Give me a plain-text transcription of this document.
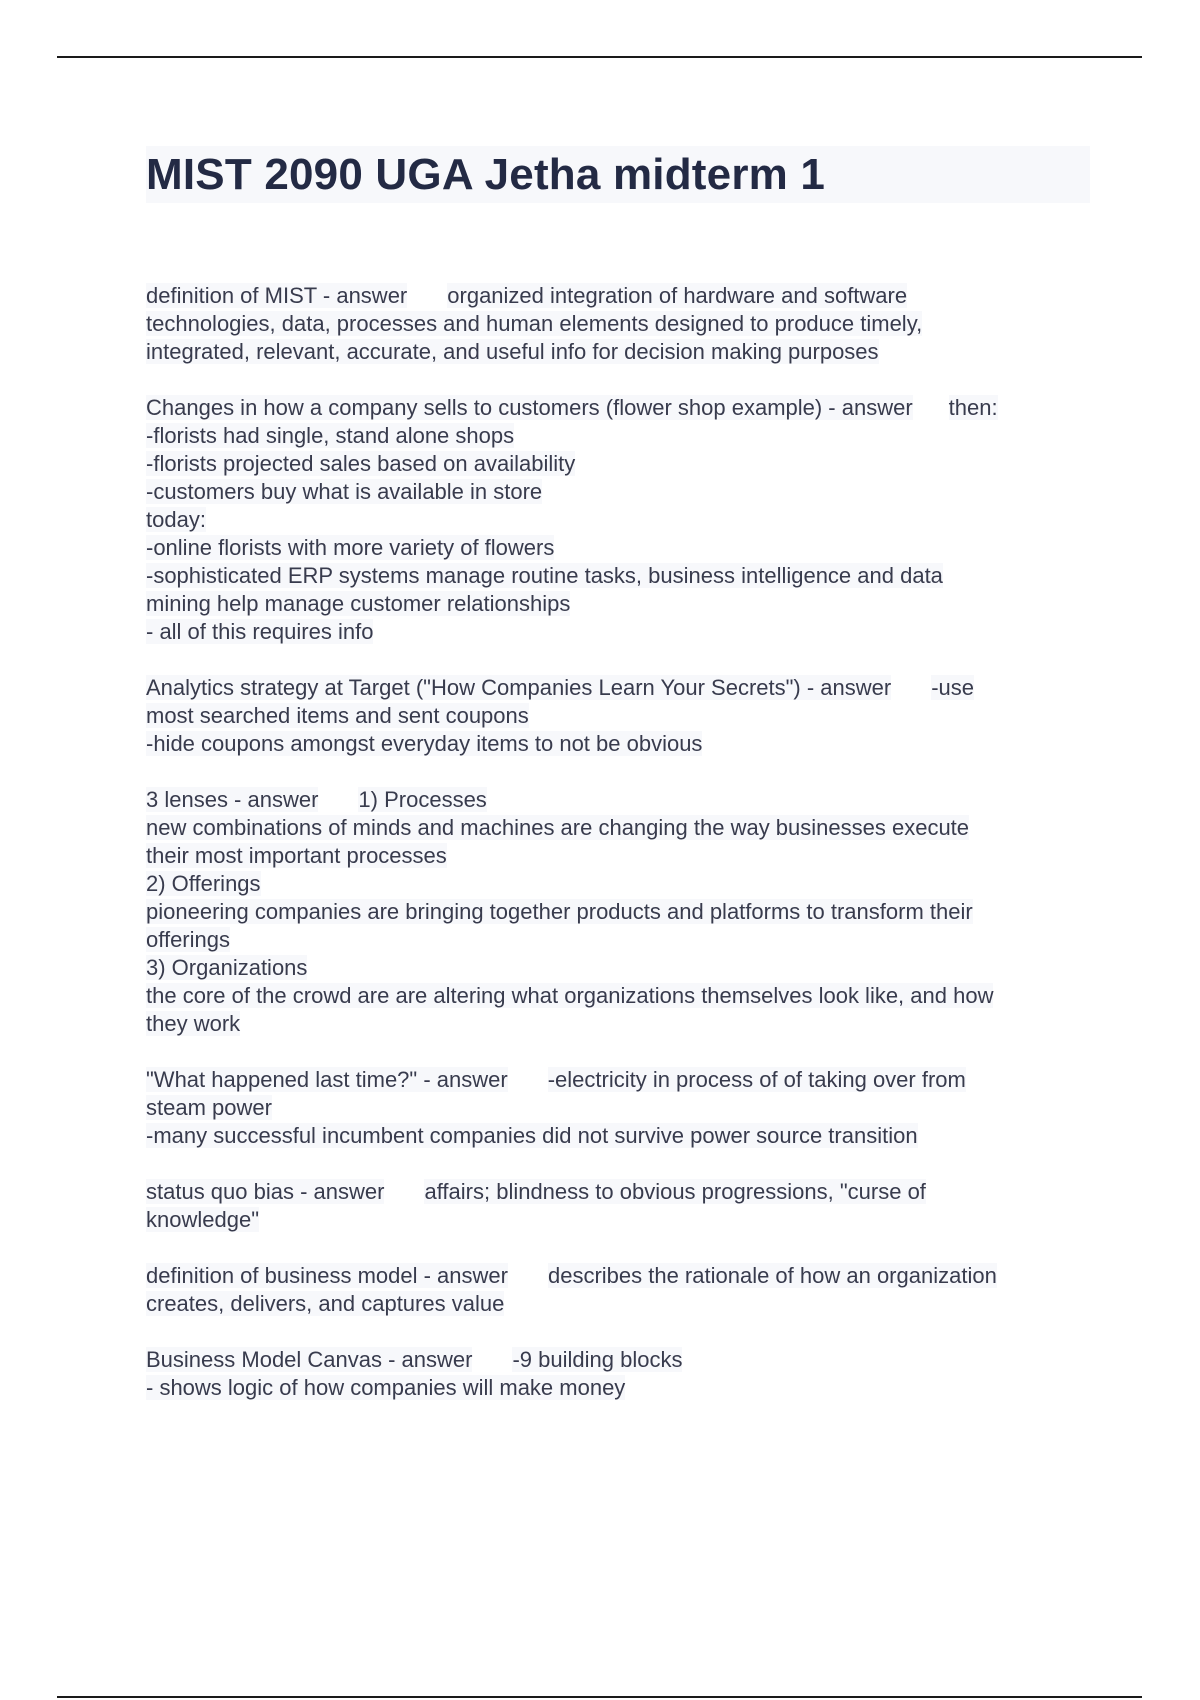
MIST 2090 UGA Jetha midterm 1
definition of MIST - answer organized integration of hardware and software
technologies, data, processes and human elements designed to produce timely,
integrated, relevant, accurate, and useful info for decision making purposes
Changes in how a company sells to customers (flower shop example) - answer then:
-florists had single, stand alone shops
-florists projected sales based on availability
-customers buy what is available in store
today:
-online florists with more variety of flowers
-sophisticated ERP systems manage routine tasks, business intelligence and data
mining help manage customer relationships
- all of this requires info
Analytics strategy at Target ("How Companies Learn Your Secrets") - answer -use
most searched items and sent coupons
-hide coupons amongst everyday items to not be obvious
3 lenses - answer 1) Processes
new combinations of minds and machines are changing the way businesses execute
their most important processes
2) Offerings
pioneering companies are bringing together products and platforms to transform their
offerings
3) Organizations
the core of the crowd are are altering what organizations themselves look like, and how
they work
"What happened last time?" - answer -electricity in process of of taking over from
steam power
-many successful incumbent companies did not survive power source transition
status quo bias - answer affairs; blindness to obvious progressions, "curse of
knowledge"
definition of business model - answer describes the rationale of how an organization
creates, delivers, and captures value
Business Model Canvas - answer -9 building blocks
- shows logic of how companies will make money
